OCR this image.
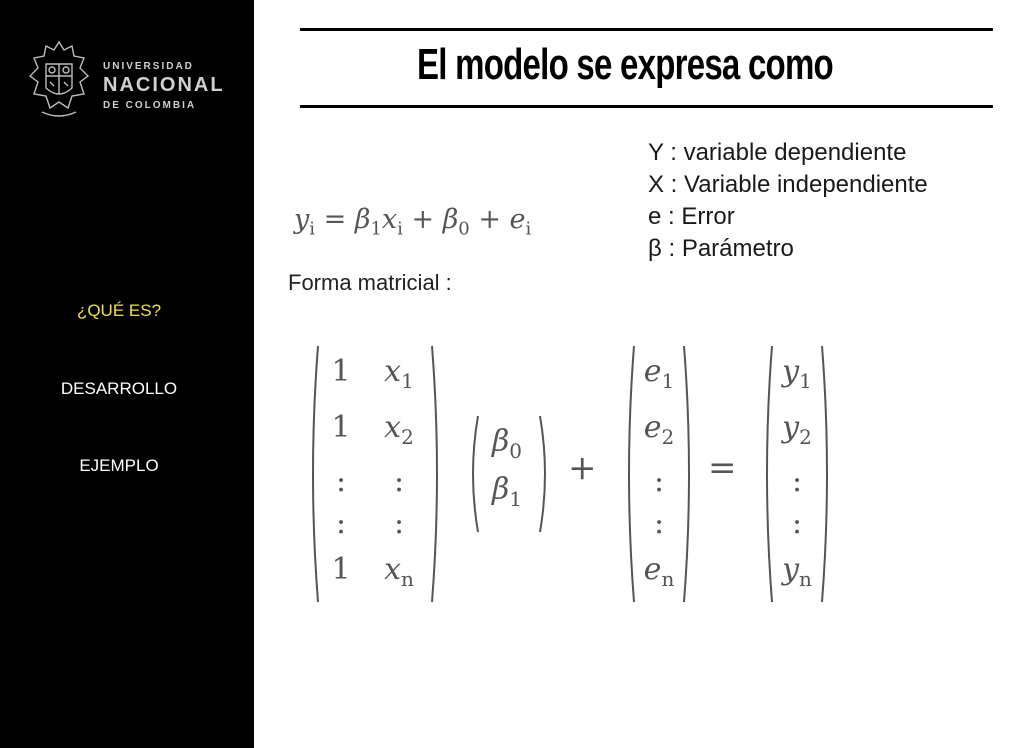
UNIVERSIDAD
NACIONAL
DE COLOMBIA
¿QUÉ ES?
DESARROLLO
EJEMPLO
El modelo se expresa como
Y : variable dependiente
X : Variable independiente
e : Error
β : Parámetro
$y_i = \beta_1x_i + \beta_0 + e_i$
Forma matricial :
1
1
:
:
1
$x_1$
$x_2$
:
:
$x_n$
$\beta_0$
$\beta_1$
+
$e_1$
$e_2$
:
:
$e_n$
=
$y_1$
$y_2$
:
:
$y_n$
